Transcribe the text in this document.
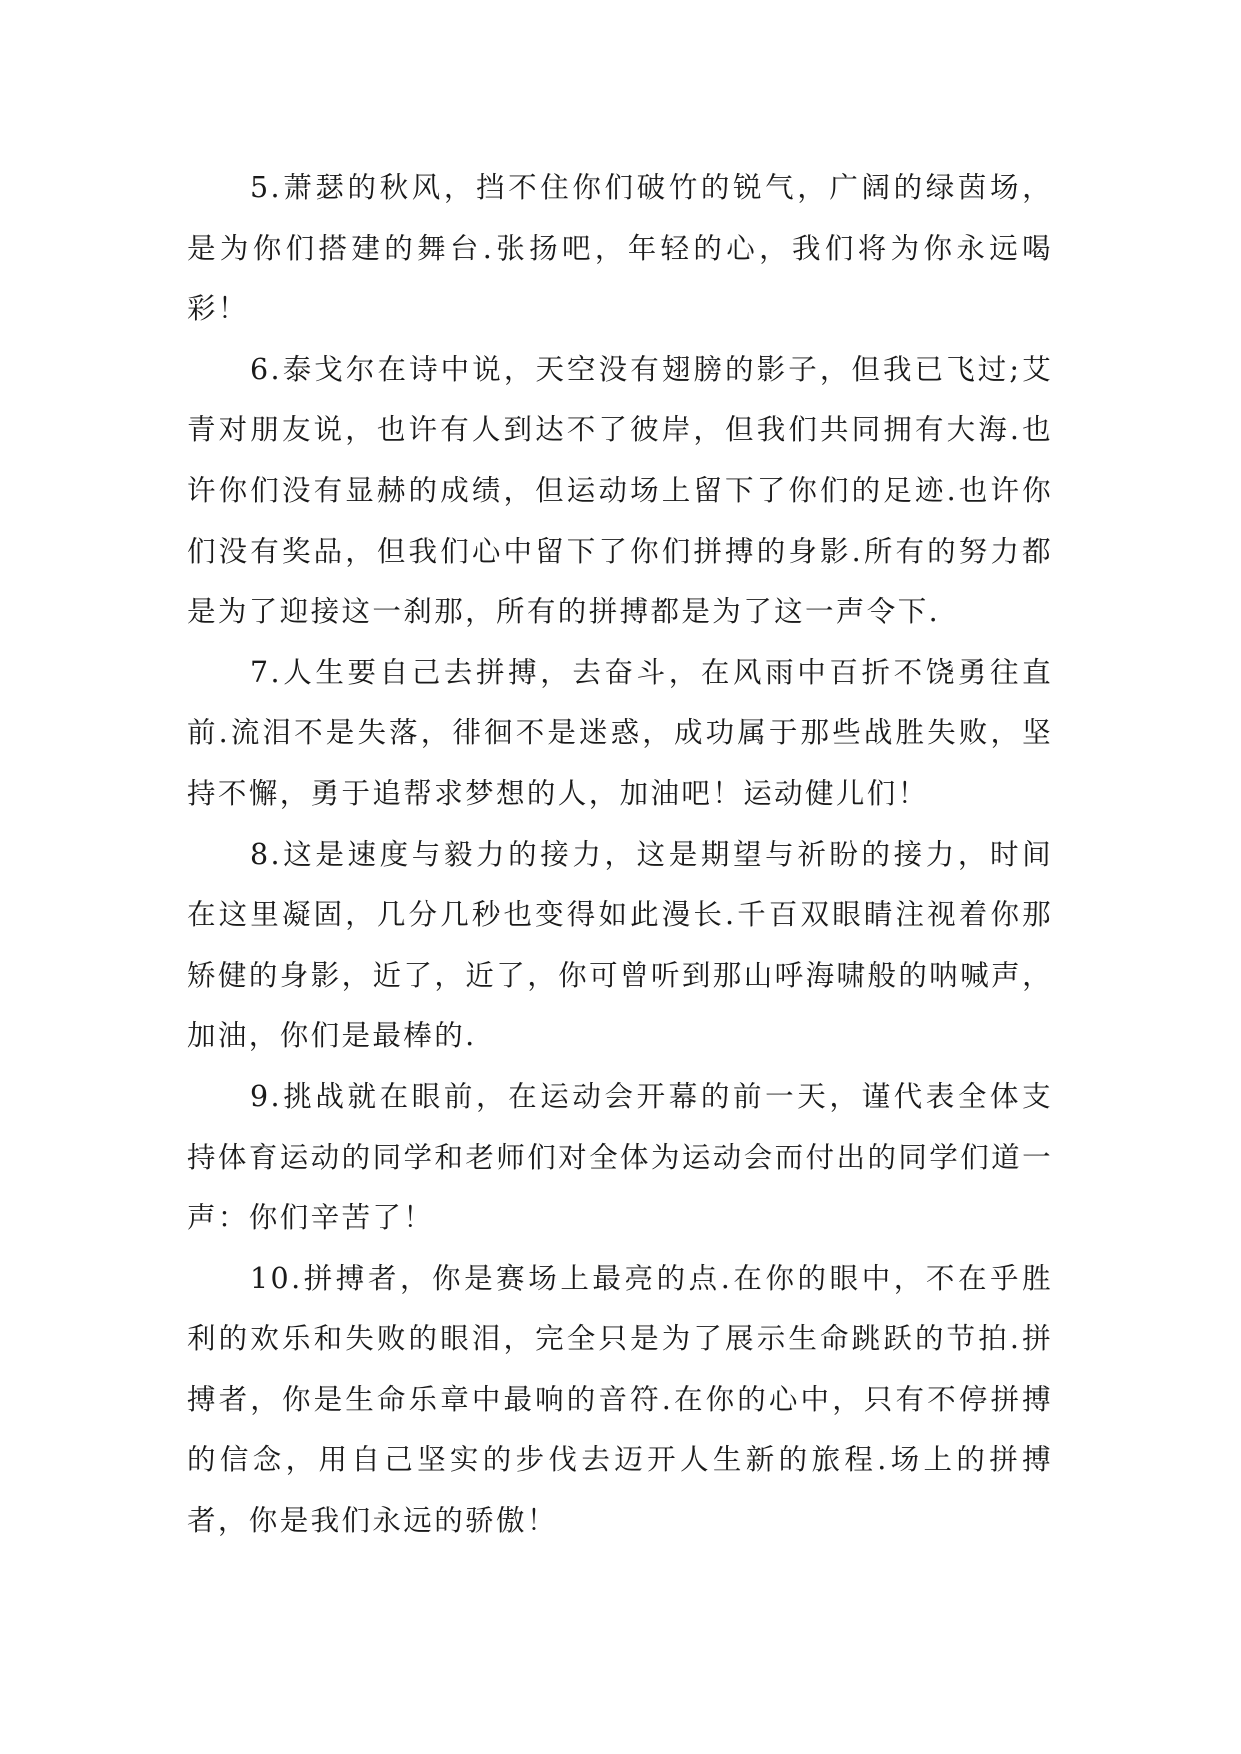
5.萧瑟的秋风，挡不住你们破竹的锐气，广阔的绿茵场，是为你们搭建的舞台.张扬吧，年轻的心，我们将为你永远喝彩！

6.泰戈尔在诗中说，天空没有翅膀的影子，但我已飞过;艾青对朋友说，也许有人到达不了彼岸，但我们共同拥有大海.也许你们没有显赫的成绩，但运动场上留下了你们的足迹.也许你们没有奖品，但我们心中留下了你们拼搏的身影.所有的努力都是为了迎接这一刹那，所有的拼搏都是为了这一声令下.

7.人生要自己去拼搏，去奋斗，在风雨中百折不饶勇往直前.流泪不是失落，徘徊不是迷惑，成功属于那些战胜失败，坚持不懈，勇于追帮求梦想的人，加油吧！运动健儿们！

8.这是速度与毅力的接力，这是期望与祈盼的接力，时间在这里凝固，几分几秒也变得如此漫长.千百双眼睛注视着你那矫健的身影，近了，近了，你可曾听到那山呼海啸般的呐喊声，加油，你们是最棒的.

9.挑战就在眼前，在运动会开幕的前一天，谨代表全体支持体育运动的同学和老师们对全体为运动会而付出的同学们道一声：你们辛苦了！

10.拼搏者，你是赛场上最亮的点.在你的眼中，不在乎胜利的欢乐和失败的眼泪，完全只是为了展示生命跳跃的节拍.拼搏者，你是生命乐章中最响的音符.在你的心中，只有不停拼搏的信念，用自己坚实的步伐去迈开人生新的旅程.场上的拼搏者，你是我们永远的骄傲！
